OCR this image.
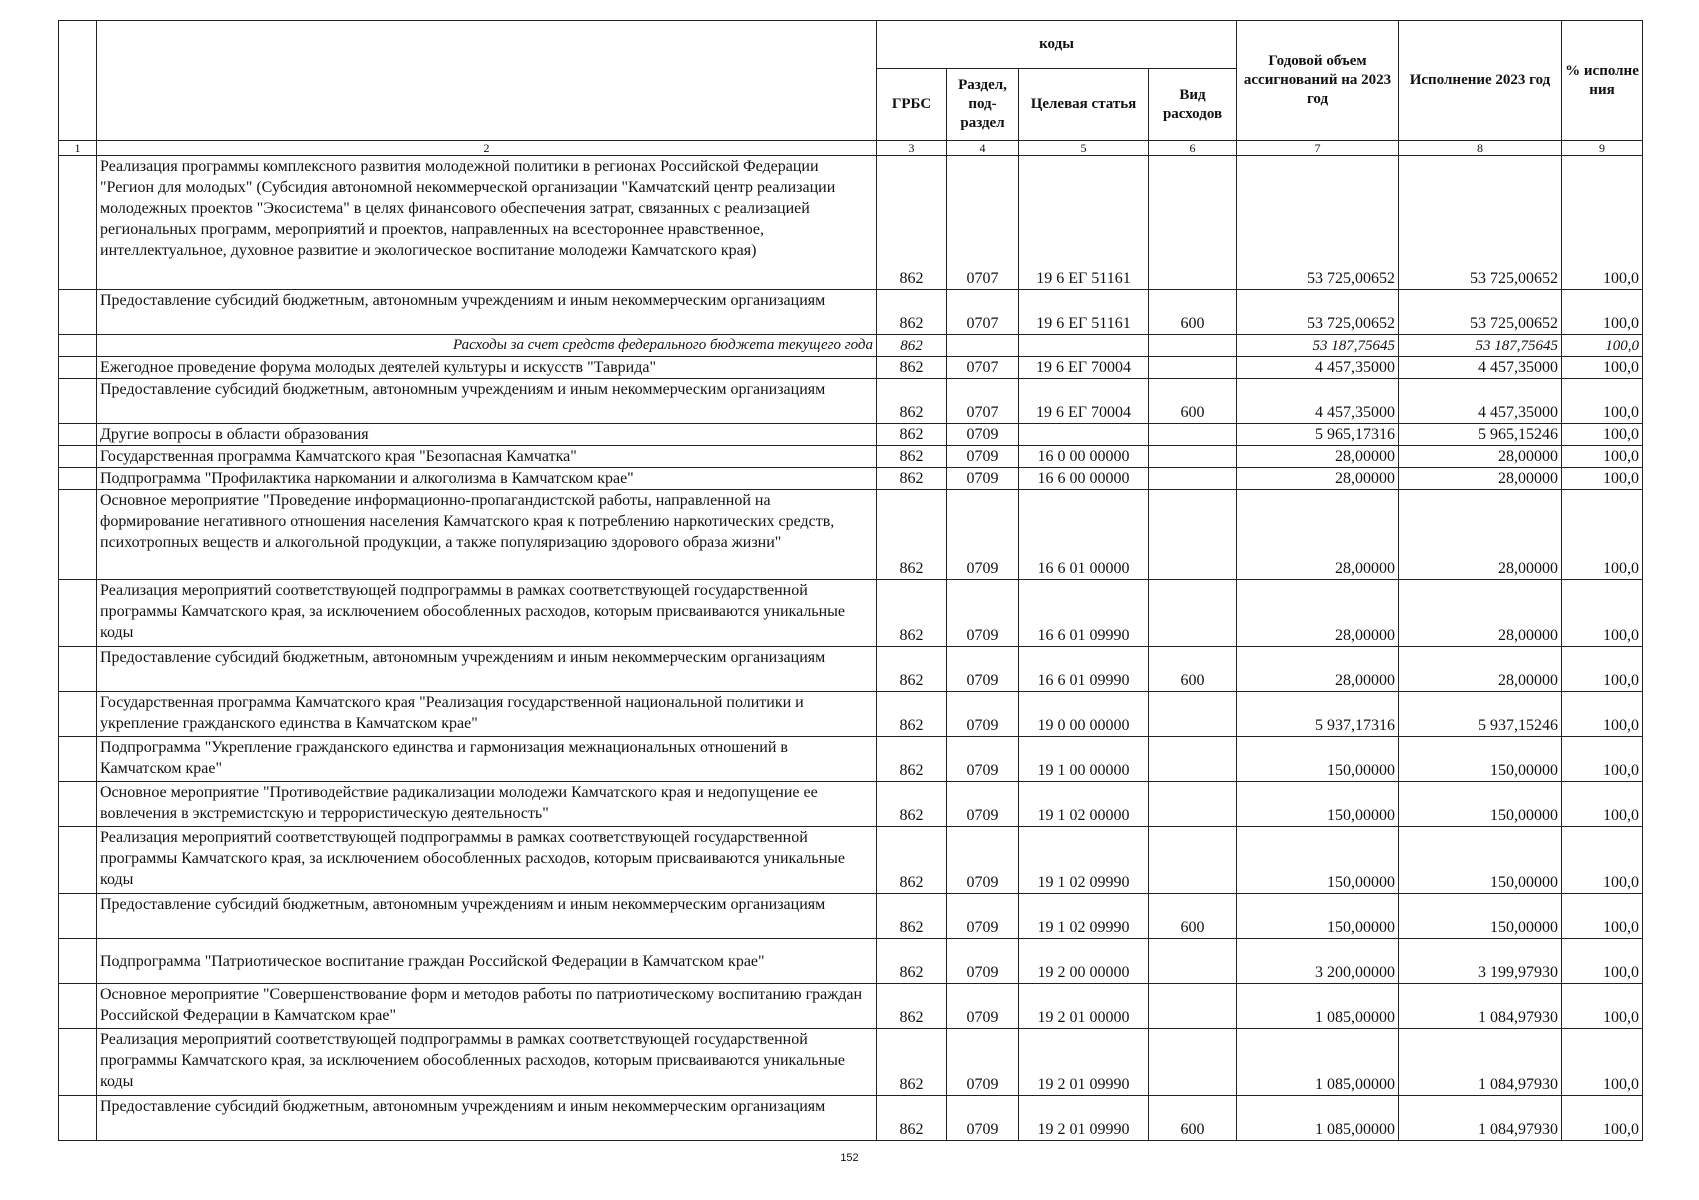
		коды				Годовой объем ассигнований на 2023 год	Исполнение 2023 год	% исполне ния
		ГРБС	Раздел, под-раздел	Целевая статья	Вид расходов			
1	2	3	4	5	6	7	8	9
	Реализация программы комплексного развития молодежной политики в регионах Российской Федерации "Регион для молодых" (Субсидия автономной некоммерческой организации "Камчатский центр реализации молодежных проектов "Экосистема" в целях финансового обеспечения затрат, связанных с реализацией региональных программ, мероприятий и проектов, направленных на всестороннее нравственное, интеллектуальное, духовное развитие и экологическое воспитание молодежи Камчатского края)	862	0707	19 6 ЕГ 51161		53 725,00652	53 725,00652	100,0
	Предоставление субсидий бюджетным, автономным учреждениям и иным некоммерческим организациям	862	0707	19 6 ЕГ 51161	600	53 725,00652	53 725,00652	100,0
	Расходы за счет средств федерального бюджета текущего года	862				53 187,75645	53 187,75645	100,0
	Ежегодное проведение форума молодых деятелей культуры и искусств "Таврида"	862	0707	19 6 ЕГ 70004		4 457,35000	4 457,35000	100,0
	Предоставление субсидий бюджетным, автономным учреждениям и иным некоммерческим организациям	862	0707	19 6 ЕГ 70004	600	4 457,35000	4 457,35000	100,0
	Другие вопросы в области образования	862	0709			5 965,17316	5 965,15246	100,0
	Государственная программа Камчатского края "Безопасная Камчатка"	862	0709	16 0 00 00000		28,00000	28,00000	100,0
	Подпрограмма "Профилактика наркомании и алкоголизма в Камчатском крае"	862	0709	16 6 00 00000		28,00000	28,00000	100,0
	Основное мероприятие "Проведение информационно-пропагандистской работы, направленной на формирование негативного отношения населения Камчатского края к потреблению наркотических средств, психотропных веществ и алкогольной продукции, а также популяризацию здорового образа жизни"	862	0709	16 6 01 00000		28,00000	28,00000	100,0
	Реализация мероприятий соответствующей подпрограммы в рамках соответствующей государственной программы Камчатского края, за исключением обособленных расходов, которым присваиваются уникальные коды	862	0709	16 6 01 09990		28,00000	28,00000	100,0
	Предоставление субсидий бюджетным, автономным учреждениям и иным некоммерческим организациям	862	0709	16 6 01 09990	600	28,00000	28,00000	100,0
	Государственная программа Камчатского края "Реализация государственной национальной политики и укрепление гражданского единства в Камчатском крае"	862	0709	19 0 00 00000		5 937,17316	5 937,15246	100,0
	Подпрограмма "Укрепление гражданского единства и гармонизация межнациональных отношений в Камчатском крае"	862	0709	19 1 00 00000		150,00000	150,00000	100,0
	Основное мероприятие "Противодействие радикализации молодежи Камчатского края и недопущение ее вовлечения в экстремистскую и террористическую деятельность"	862	0709	19 1 02 00000		150,00000	150,00000	100,0
	Реализация мероприятий соответствующей подпрограммы в рамках соответствующей государственной программы Камчатского края, за исключением обособленных расходов, которым присваиваются уникальные коды	862	0709	19 1 02 09990		150,00000	150,00000	100,0
	Предоставление субсидий бюджетным, автономным учреждениям и иным некоммерческим организациям	862	0709	19 1 02 09990	600	150,00000	150,00000	100,0
	Подпрограмма "Патриотическое воспитание граждан Российской Федерации в Камчатском крае"	862	0709	19 2 00 00000		3 200,00000	3 199,97930	100,0
	Основное мероприятие "Совершенствование форм и методов работы по патриотическому воспитанию граждан Российской Федерации в Камчатском крае"	862	0709	19 2 01 00000		1 085,00000	1 084,97930	100,0
	Реализация мероприятий соответствующей подпрограммы в рамках соответствующей государственной программы Камчатского края, за исключением обособленных расходов, которым присваиваются уникальные коды	862	0709	19 2 01 09990		1 085,00000	1 084,97930	100,0
	Предоставление субсидий бюджетным, автономным учреждениям и иным некоммерческим организациям	862	0709	19 2 01 09990	600	1 085,00000	1 084,97930	100,0
152
